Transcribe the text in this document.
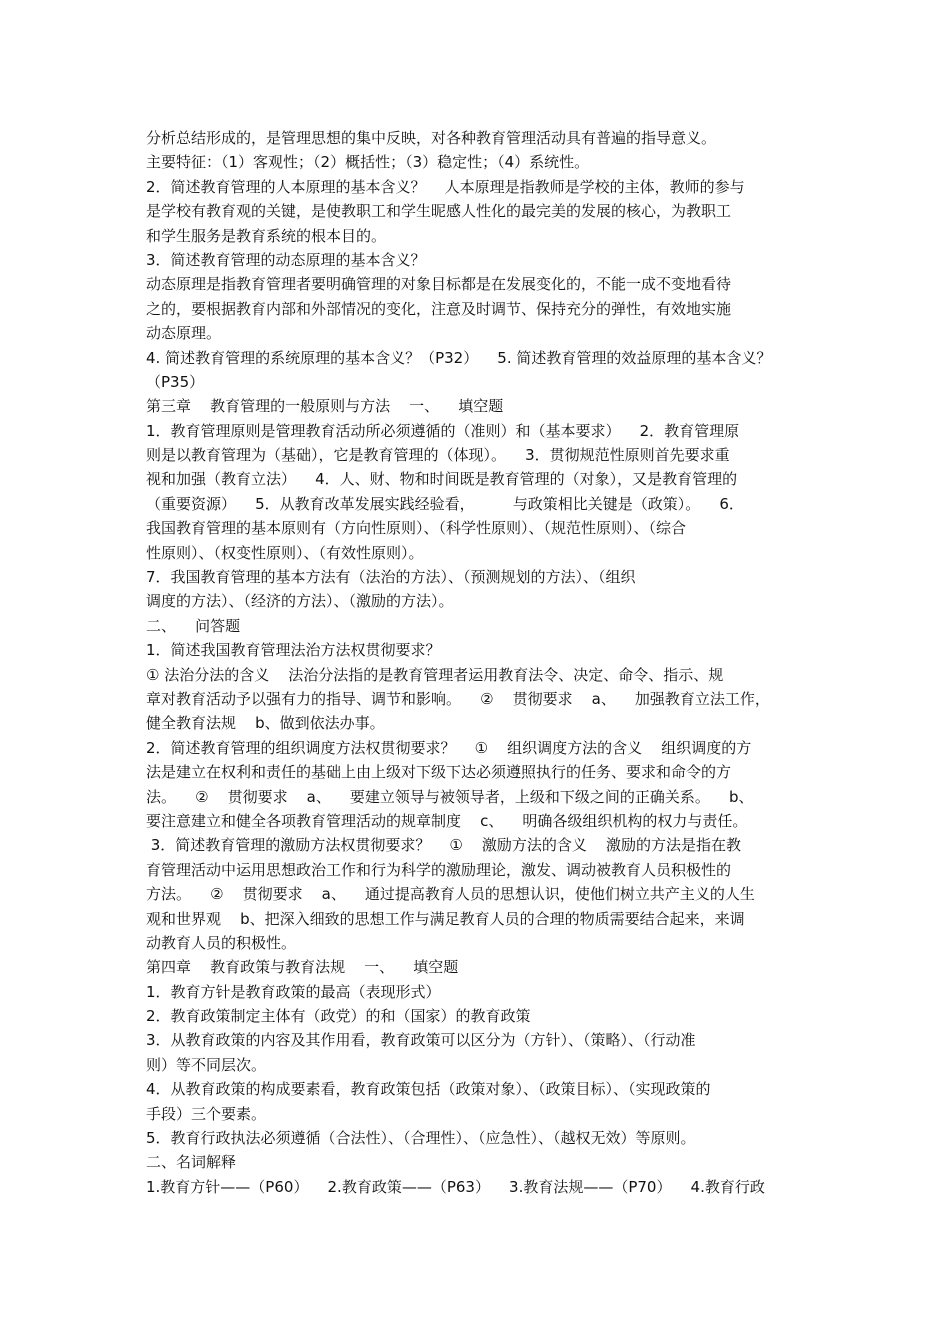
分析总结形成的，是管理思想的集中反映，对各种教育管理活动具有普遍的指导意义。
主要特征：（1）客观性；（2）概括性；（3）稳定性；（4）系统性。
2．简述教育管理的人本原理的基本含义？    人本原理是指教师是学校的主体，教师的参与
是学校有教育观的关键，是使教职工和学生昵感人性化的最完美的发展的核心，为教职工
和学生服务是教育系统的根本目的。
3．简述教育管理的动态原理的基本含义？
动态原理是指教育管理者要明确管理的对象目标都是在发展变化的，不能一成不变地看待
之的，要根据教育内部和外部情况的变化，注意及时调节、保持充分的弹性，有效地实施
动态原理。
4. 简述教育管理的系统原理的基本含义？（P32）    5. 简述教育管理的效益原理的基本含义？
（P35）
第三章    教育管理的一般原则与方法    一、    填空题
1．教育管理原则是管理教育活动所必须遵循的（准则）和（基本要求）    2．教育管理原
则是以教育管理为（基础），它是教育管理的（体现）。    3．贯彻规范性原则首先要求重
视和加强（教育立法）    4．人、财、物和时间既是教育管理的（对象），又是教育管理的
（重要资源）    5．从教育改革发展实践经验看，        与政策相比关键是（政策）。    6．
我国教育管理的基本原则有（方向性原则）、（科学性原则）、（规范性原则）、（综合
性原则）、（权变性原则）、（有效性原则）。
7．我国教育管理的基本方法有（法治的方法）、（预测规划的方法）、（组织
调度的方法）、（经济的方法）、（激励的方法）。
二、    问答题
1．简述我国教育管理法治方法权贯彻要求？
① 法治分法的含义    法治分法指的是教育管理者运用教育法令、决定、命令、指示、规
章对教育活动予以强有力的指导、调节和影响。    ②    贯彻要求    a、    加强教育立法工作，
健全教育法规    b、做到依法办事。
2．简述教育管理的组织调度方法权贯彻要求？    ①    组织调度方法的含义    组织调度的方
法是建立在权利和责任的基础上由上级对下级下达必须遵照执行的任务、要求和命令的方
法。    ②    贯彻要求    a、    要建立领导与被领导者，上级和下级之间的正确关系。    b、
要注意建立和健全各项教育管理活动的规章制度    c、    明确各级组织机构的权力与责任。
3．简述教育管理的激励方法权贯彻要求？    ①    激励方法的含义    激励的方法是指在教
育管理活动中运用思想政治工作和行为科学的激励理论，激发、调动被教育人员积极性的
方法。    ②    贯彻要求    a、    通过提高教育人员的思想认识，使他们树立共产主义的人生
观和世界观    b、把深入细致的思想工作与满足教育人员的合理的物质需要结合起来，来调
动教育人员的积极性。
第四章    教育政策与教育法规    一、    填空题
1．教育方针是教育政策的最高（表现形式）
2．教育政策制定主体有（政党）的和（国家）的教育政策
3．从教育政策的内容及其作用看，教育政策可以区分为（方针）、（策略）、（行动准
则）等不同层次。
4．从教育政策的构成要素看，教育政策包括（政策对象）、（政策目标）、（实现政策的
手段）三个要素。
5．教育行政执法必须遵循（合法性）、（合理性）、（应急性）、（越权无效）等原则。
二、名词解释
1.教育方针——（P60）    2.教育政策——（P63）    3.教育法规——（P70）    4.教育行政
